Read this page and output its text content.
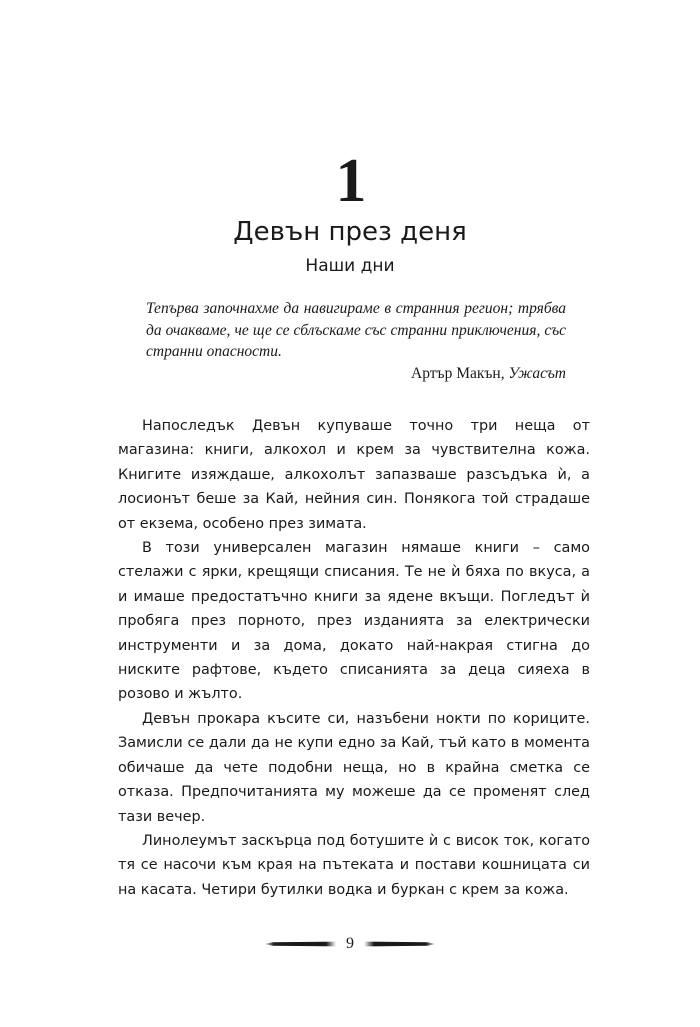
1
Девън през деня
Наши дни

Тепърва започнахме да навигираме в странния регион; трябва да очакваме, че ще се сблъскаме със странни приключения, със странни опасности.

Артър Макън, Ужасът

Напоследък Девън купуваше точно три неща от магазина: книги, алкохол и крем за чувствителна кожа. Книгите изяждаше, алкохолът запазваше разсъдъка ѝ, а лосионът беше за Кай, нейния син. Понякога той страдаше от екзема, особено през зимата.

В този универсален магазин нямаше книги – само стелажи с ярки, крещящи списания. Те не ѝ бяха по вкуса, а и имаше предостатъчно книги за ядене вкъщи. Погледът ѝ пробяга през порното, през изданията за електрически инструменти и за дома, докато най-накрая стигна до ниските рафтове, където списанията за деца сияеха в розово и жълто.

Девън прокара късите си, назъбени нокти по кориците. Замисли се дали да не купи едно за Кай, тъй като в момента обичаше да чете подобни неща, но в крайна сметка се отказа. Предпочитанията му можеше да се променят след тази вечер.

Линолеумът заскърца под ботушите ѝ с висок ток, когато тя се насочи към края на пътеката и постави кошницата си на касата. Четири бутилки водка и буркан с крем за кожа.

9
